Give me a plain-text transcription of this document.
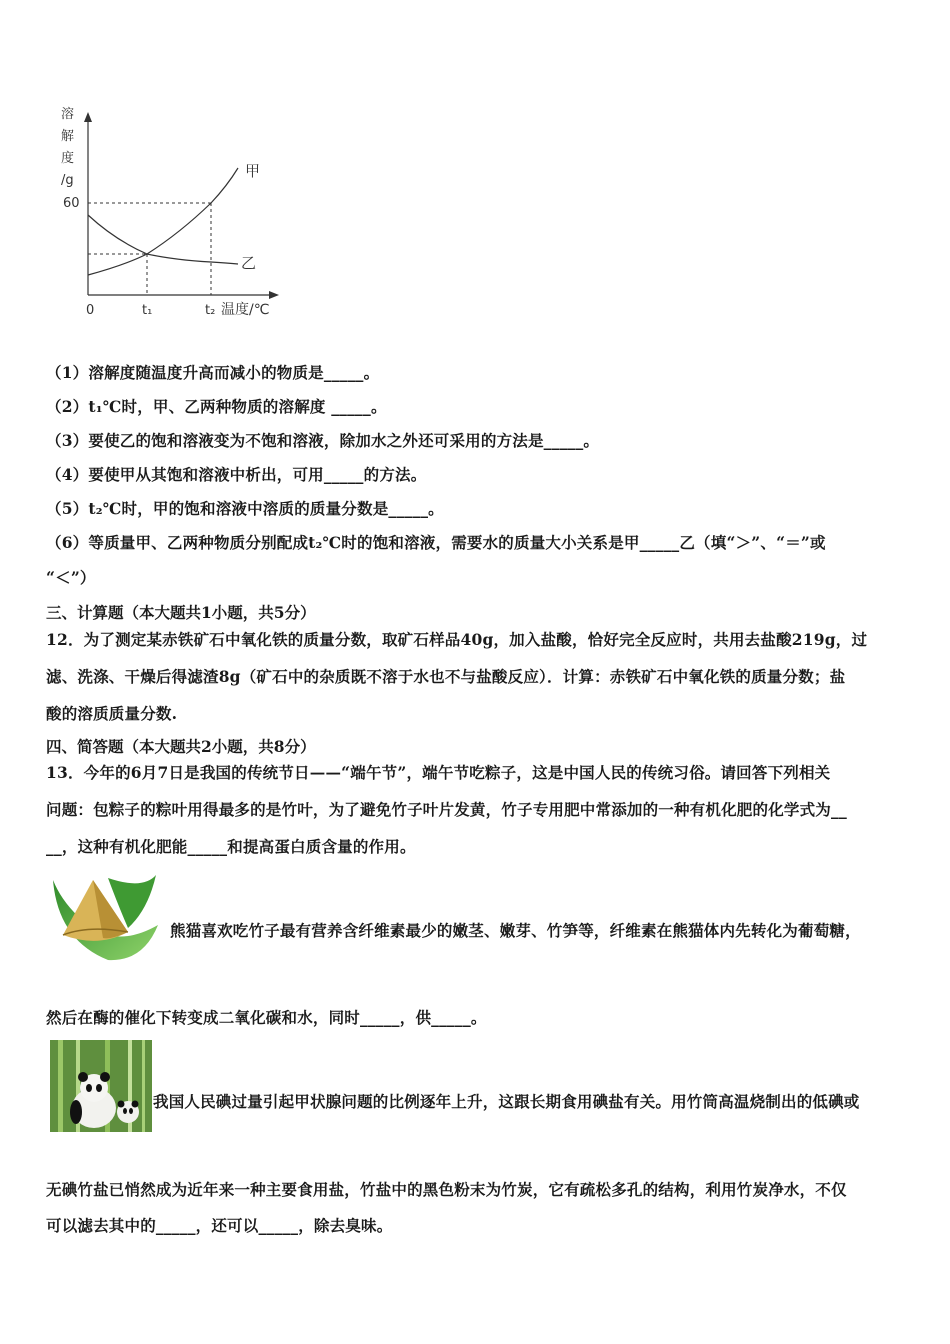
溶
解
度
/g
60
甲
乙
0	t₁	t₂ 温度/℃
（1）溶解度随温度升高而减小的物质是_____。
（2）t₁℃时，甲、乙两种物质的溶解度 _____。
（3）要使乙的饱和溶液变为不饱和溶液，除加水之外还可采用的方法是_____。
（4）要使甲从其饱和溶液中析出，可用_____的方法。
（5）t₂℃时，甲的饱和溶液中溶质的质量分数是_____。
（6）等质量甲、乙两种物质分别配成t₂℃时的饱和溶液，需要水的质量大小关系是甲_____乙（填“＞”、“＝”或
“＜”）
三、计算题（本大题共1小题，共5分）
12．为了测定某赤铁矿石中氧化铁的质量分数，取矿石样品40g，加入盐酸，恰好完全反应时，共用去盐酸219g，过
滤、洗涤、干燥后得滤渣8g（矿石中的杂质既不溶于水也不与盐酸反应）．计算：赤铁矿石中氧化铁的质量分数；盐
酸的溶质质量分数.
四、简答题（本大题共2小题，共8分）
13．今年的6月7日是我国的传统节日——“端午节”，端午节吃粽子，这是中国人民的传统习俗。请回答下列相关
问题：包粽子的粽叶用得最多的是竹叶，为了避免竹子叶片发黄，竹子专用肥中常添加的一种有机化肥的化学式为__
__，这种有机化肥能_____和提高蛋白质含量的作用。
熊猫喜欢吃竹子最有营养含纤维素最少的嫩茎、嫩芽、竹笋等，纤维素在熊猫体内先转化为葡萄糖，
然后在酶的催化下转变成二氧化碳和水，同时_____，供_____。
我国人民碘过量引起甲状腺问题的比例逐年上升，这跟长期食用碘盐有关。用竹筒高温烧制出的低碘或
无碘竹盐已悄然成为近年来一种主要食用盐，竹盐中的黑色粉末为竹炭，它有疏松多孔的结构，利用竹炭净水，不仅
可以滤去其中的_____，还可以_____，除去臭味。
